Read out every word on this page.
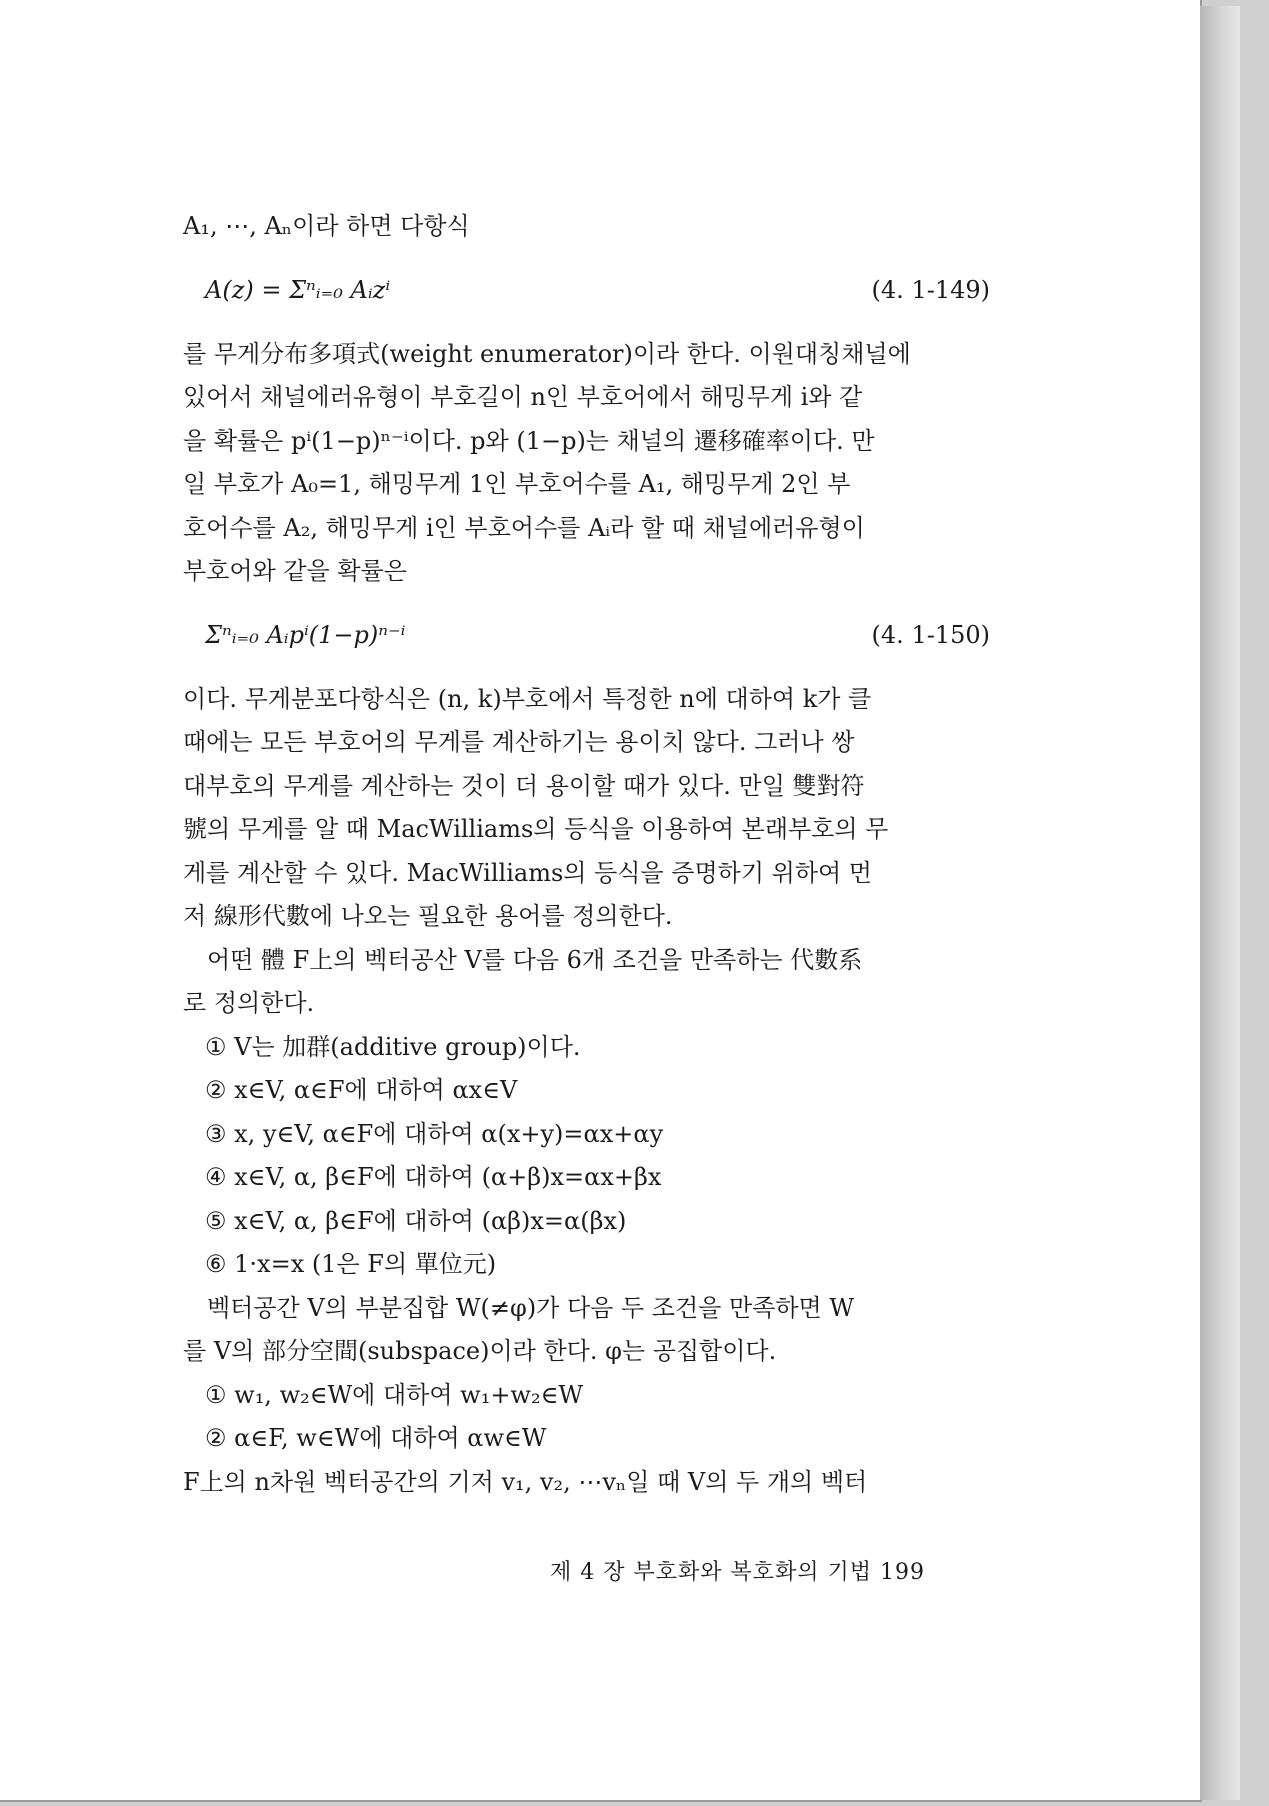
A₁, ⋯, Aₙ이라 하면 다항식
A(z) = Σⁿᵢ₌₀ Aᵢzⁱ	(4. 1-149)

를 무게分布多項式(weight enumerator)이라 한다. 이원대칭채널에

있어서 채널에러유형이 부호길이 n인 부호어에서 해밍무게 i와 같

을 확률은 pⁱ(1−p)ⁿ⁻ⁱ이다. p와 (1−p)는 채널의 遷移確率이다. 만

일 부호가 A₀=1, 해밍무게 1인 부호어수를 A₁, 해밍무게 2인 부

호어수를 A₂, 해밍무게 i인 부호어수를 Aᵢ라 할 때 채널에러유형이

부호어와 같을 확률은

Σⁿᵢ₌₀ Aᵢpⁱ(1−p)ⁿ⁻ⁱ	(4. 1-150)

이다. 무게분포다항식은 (n, k)부호에서 특정한 n에 대하여 k가 클

때에는 모든 부호어의 무게를 계산하기는 용이치 않다. 그러나 쌍

대부호의 무게를 계산하는 것이 더 용이할 때가 있다. 만일 雙對符

號의 무게를 알 때 MacWilliams의 등식을 이용하여 본래부호의 무

게를 계산할 수 있다. MacWilliams의 등식을 증명하기 위하여 먼

저 線形代數에 나오는 필요한 용어를 정의한다.

어떤 體 F上의 벡터공산 V를 다음 6개 조건을 만족하는 代數系

로 정의한다.

① V는 加群(additive group)이다.
② x∈V, α∈F에 대하여 αx∈V
③ x, y∈V, α∈F에 대하여 α(x+y)=αx+αy
④ x∈V, α, β∈F에 대하여 (α+β)x=αx+βx
⑤ x∈V, α, β∈F에 대하여 (αβ)x=α(βx)
⑥ 1·x=x (1은 F의 單位元)

벡터공간 V의 부분집합 W(≠φ)가 다음 두 조건을 만족하면 W

를 V의 部分空間(subspace)이라 한다. φ는 공집합이다.

① w₁, w₂∈W에 대하여 w₁+w₂∈W
② α∈F, w∈W에 대하여 αw∈W

F上의 n차원 벡터공간의 기저 v₁, v₂, ⋯vₙ일 때 V의 두 개의 벡터

제 4 장 부호화와 복호화의 기법 199
